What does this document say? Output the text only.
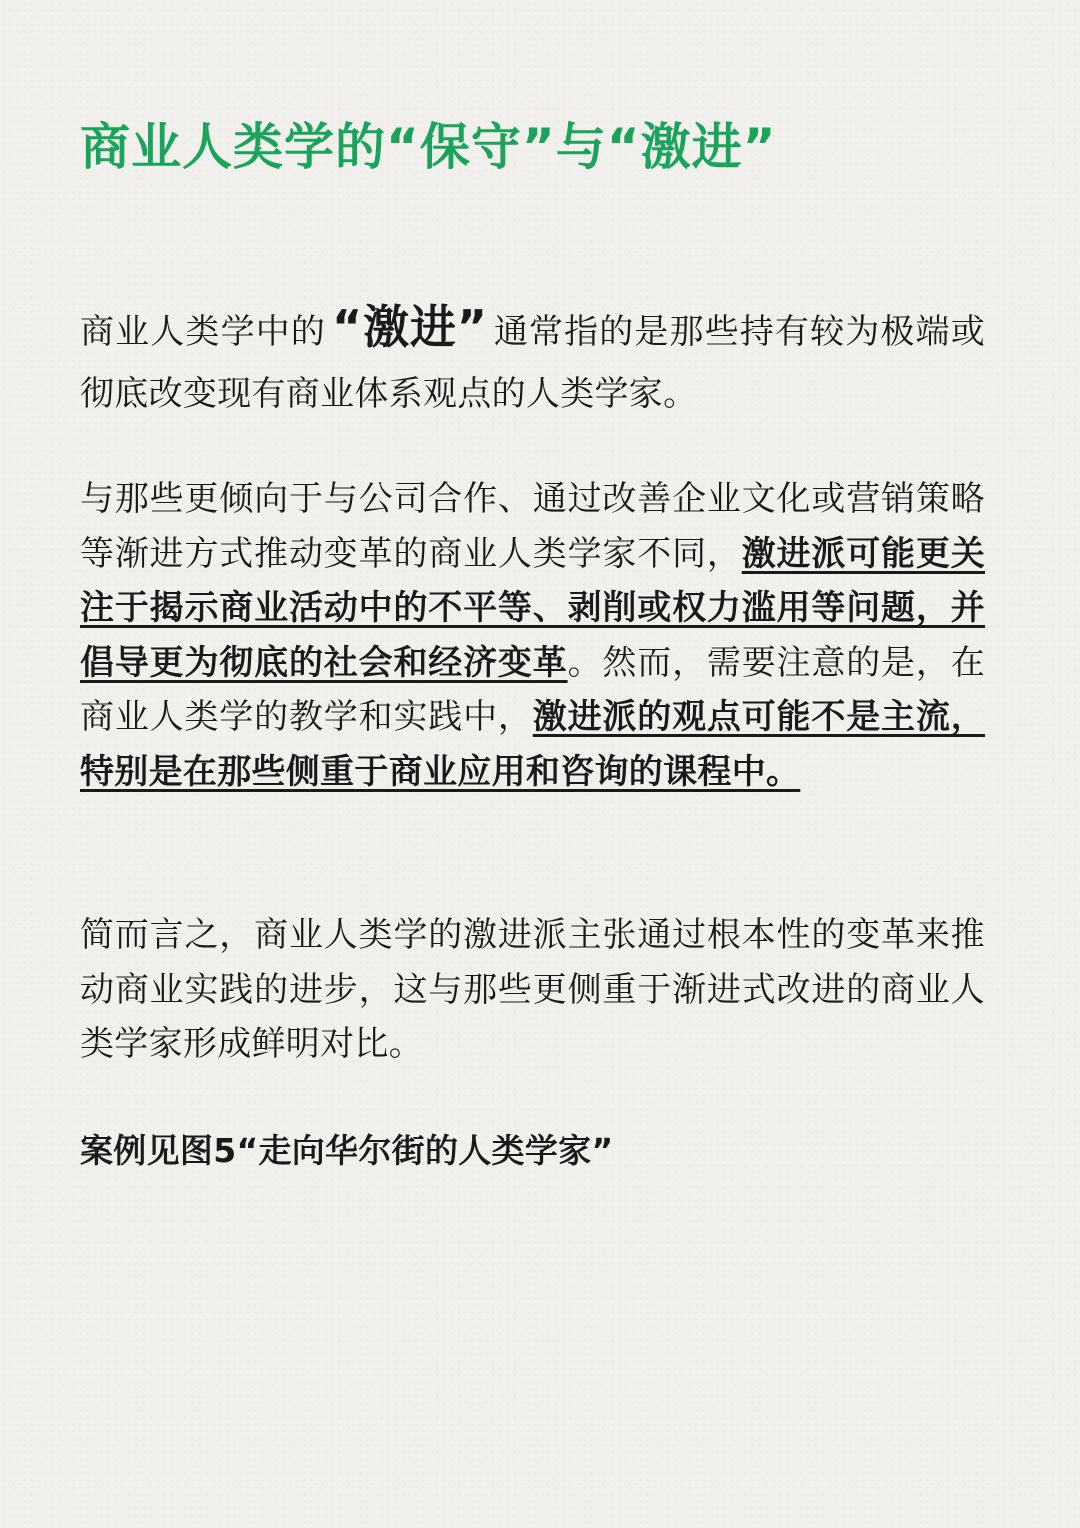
商业人类学的“保守”与“激进”

商业人类学中的 “激进” 通常指的是那些持有较为极端或彻底改变现有商业体系观点的人类学家。

与那些更倾向于与公司合作、通过改善企业文化或营销策略等渐进方式推动变革的商业人类学家不同，激进派可能更关注于揭示商业活动中的不平等、剥削或权力滥用等问题，并倡导更为彻底的社会和经济变革。然而，需要注意的是，在商业人类学的教学和实践中，激进派的观点可能不是主流，特别是在那些侧重于商业应用和咨询的课程中。

简而言之，商业人类学的激进派主张通过根本性的变革来推动商业实践的进步，这与那些更侧重于渐进式改进的商业人类学家形成鲜明对比。

案例见图5“走向华尔街的人类学家”
